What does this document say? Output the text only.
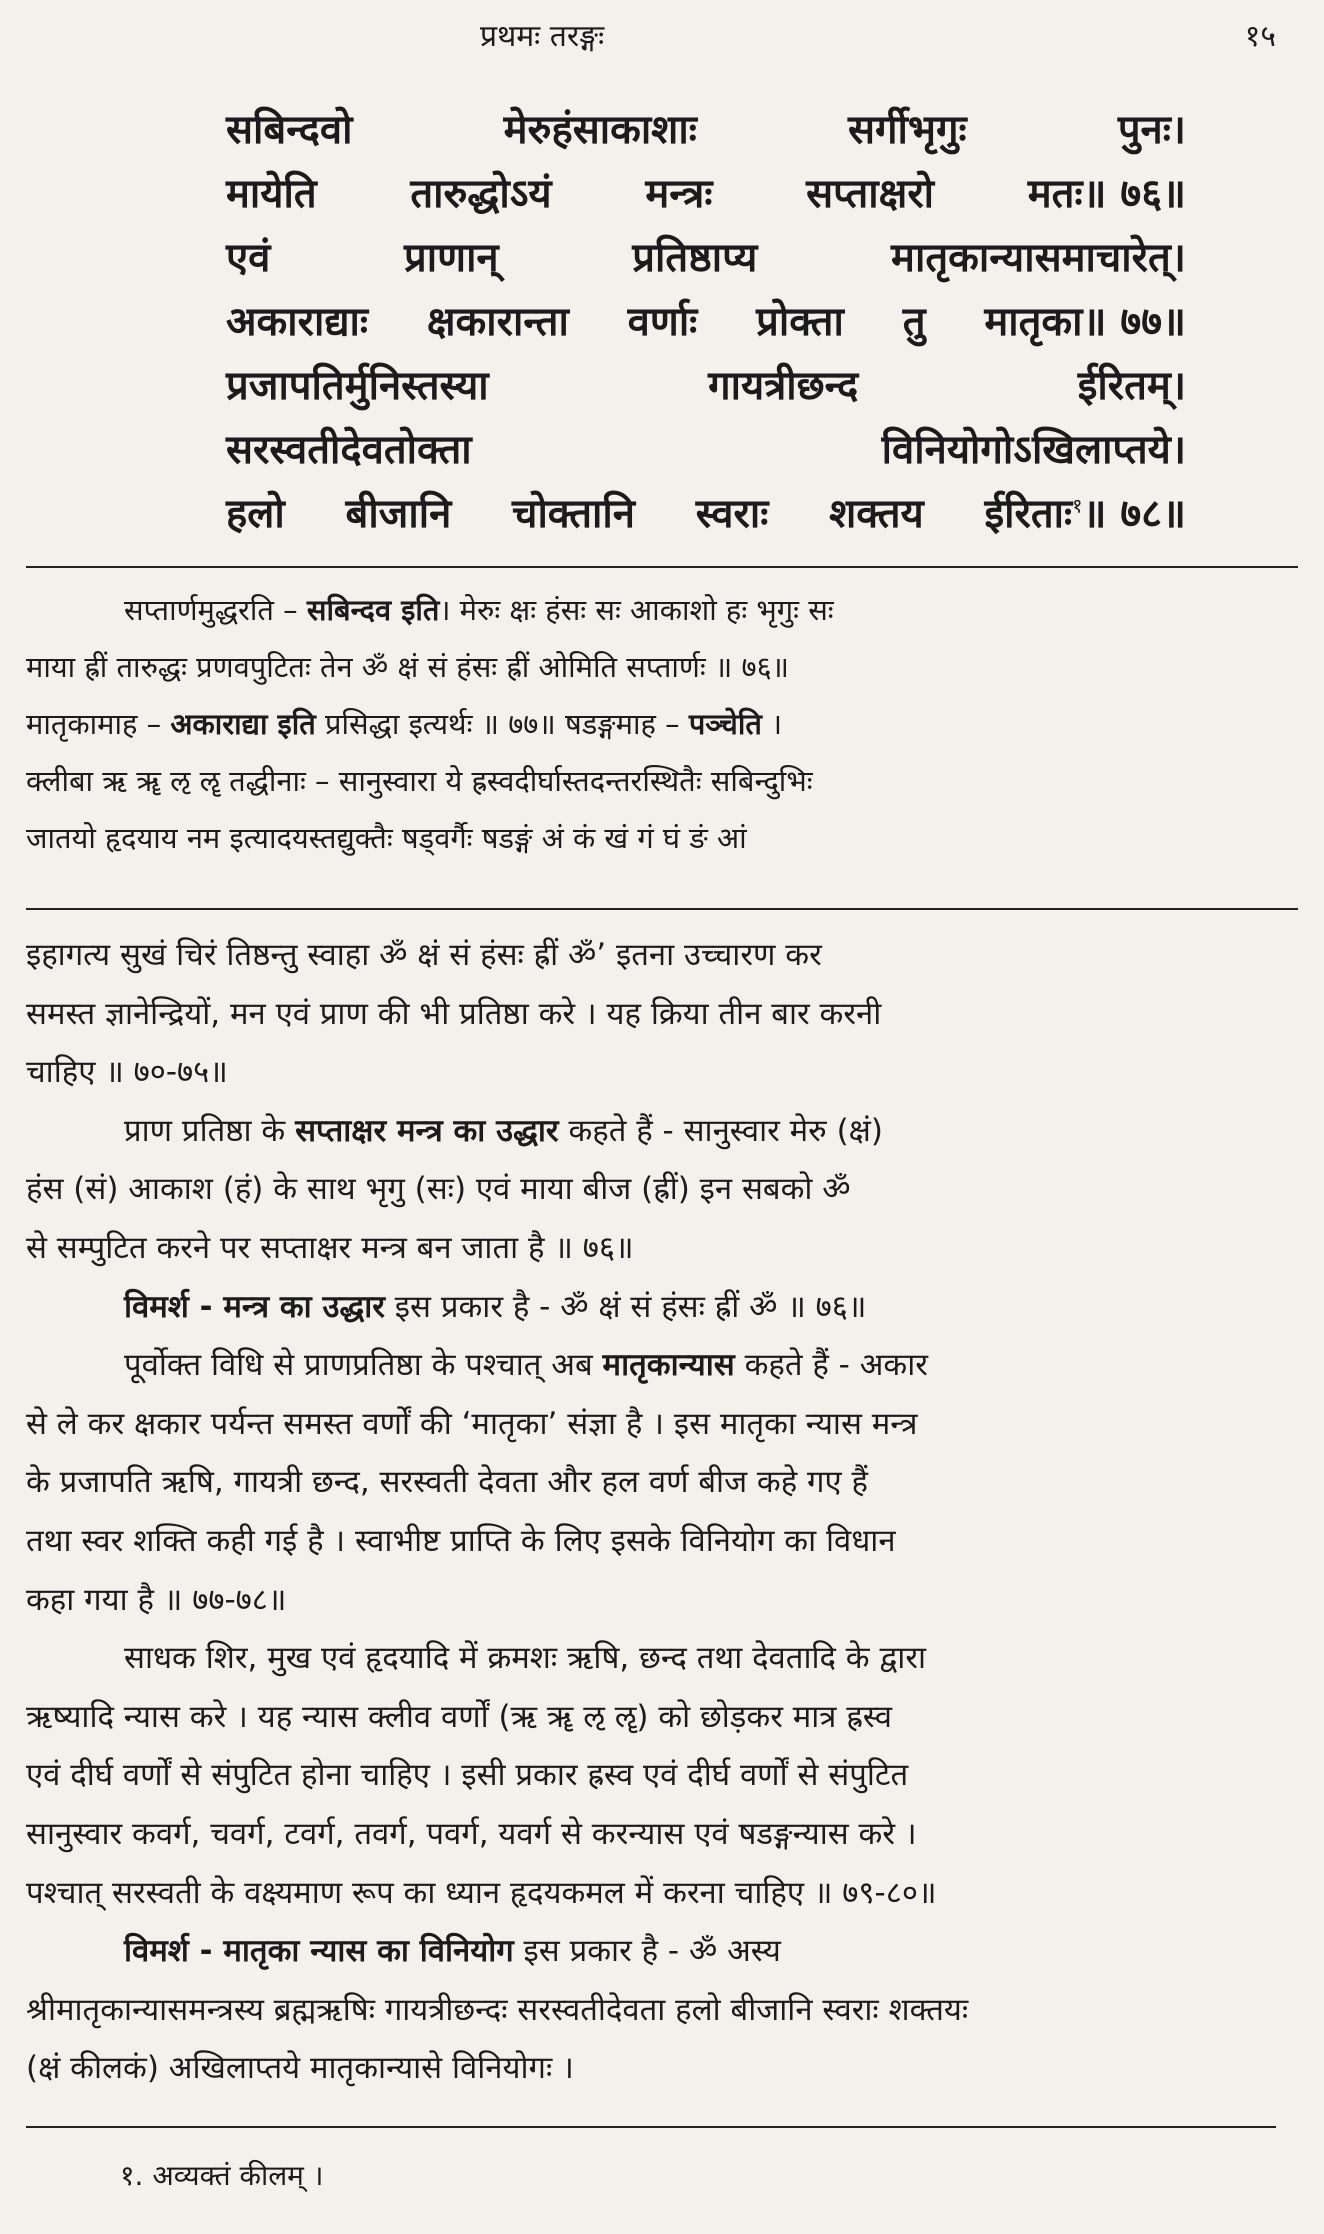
प्रथमः तरङ्गः	१५
सबिन्दवो	मेरुहंसाकाशाः	सर्गीभृगुः	पुनः।
मायेति तारुद्धोऽयं मन्त्रः सप्ताक्षरो मतः॥ ७६॥
एवं	प्राणान्	प्रतिष्ठाप्य	मातृकान्यासमाचारेत्।
अकाराद्याः क्षकारान्ता वर्णाः प्रोक्ता तु मातृका॥ ७७॥
प्रजापतिर्मुनिस्तस्या	गायत्रीछन्द	ईरितम्।
सरस्वतीदेवतोक्ता	विनियोगोऽखिलाप्तये।
हलो बीजानि चोक्तानि स्वराः शक्तय ईरिताः$^१$॥ ७८॥
सप्तार्णमुद्धरति – सबिन्दव इति। मेरुः क्षः हंसः सः आकाशो हः भृगुः सः
माया ह्रीं तारुद्धः प्रणवपुटितः तेन ॐ क्षं सं हंसः ह्रीं ओमिति सप्तार्णः ॥ ७६॥
मातृकामाह – अकाराद्या इति प्रसिद्धा इत्यर्थः ॥ ७७॥ षडङ्गमाह – पञ्चेति ।
क्लीबा ऋ ॠ ऌ ॡ तद्धीनाः – सानुस्वारा ये ह्रस्वदीर्घास्तदन्तरस्थितैः सबिन्दुभिः
जातयो हृदयाय नम इत्यादयस्तद्युक्तैः षड्वर्गैः षडङ्गं अं कं खं गं घं ङं आं
इहागत्य सुखं चिरं तिष्ठन्तु स्वाहा ॐ क्षं सं हंसः ह्रीं ॐ’ इतना उच्चारण कर
समस्त ज्ञानेन्द्रियों, मन एवं प्राण की भी प्रतिष्ठा करे । यह क्रिया तीन बार करनी
चाहिए ॥ ७०-७५॥
प्राण प्रतिष्ठा के सप्ताक्षर मन्त्र का उद्धार कहते हैं - सानुस्वार मेरु (क्षं)
हंस (सं) आकाश (हं) के साथ भृगु (सः) एवं माया बीज (ह्रीं) इन सबको ॐ
से सम्पुटित करने पर सप्ताक्षर मन्त्र बन जाता है ॥ ७६॥
विमर्श - मन्त्र का उद्धार इस प्रकार है - ॐ क्षं सं हंसः ह्रीं ॐ ॥ ७६॥
पूर्वोक्त विधि से प्राणप्रतिष्ठा के पश्चात् अब मातृकान्यास कहते हैं - अकार
से ले कर क्षकार पर्यन्त समस्त वर्णों की ‘मातृका’ संज्ञा है । इस मातृका न्यास मन्त्र
के प्रजापति ऋषि, गायत्री छन्द, सरस्वती देवता और हल वर्ण बीज कहे गए हैं
तथा स्वर शक्ति कही गई है । स्वाभीष्ट प्राप्ति के लिए इसके विनियोग का विधान
कहा गया है ॥ ७७-७८॥
साधक शिर, मुख एवं हृदयादि में क्रमशः ऋषि, छन्द तथा देवतादि के द्वारा
ऋष्यादि न्यास करे । यह न्यास क्लीव वर्णों (ऋ ॠ ऌ ॡ) को छोड़कर मात्र ह्रस्व
एवं दीर्घ वर्णों से संपुटित होना चाहिए । इसी प्रकार ह्रस्व एवं दीर्घ वर्णों से संपुटित
सानुस्वार कवर्ग, चवर्ग, टवर्ग, तवर्ग, पवर्ग, यवर्ग से करन्यास एवं षडङ्गन्यास करे ।
पश्चात् सरस्वती के वक्ष्यमाण रूप का ध्यान हृदयकमल में करना चाहिए ॥ ७९-८०॥
विमर्श - मातृका न्यास का विनियोग इस प्रकार है - ॐ अस्य
श्रीमातृकान्यासमन्त्रस्य ब्रह्मऋषिः गायत्रीछन्दः सरस्वतीदेवता हलो बीजानि स्वराः शक्तयः
(क्षं कीलकं) अखिलाप्तये मातृकान्यासे विनियोगः ।
१. अव्यक्तं कीलम् ।
